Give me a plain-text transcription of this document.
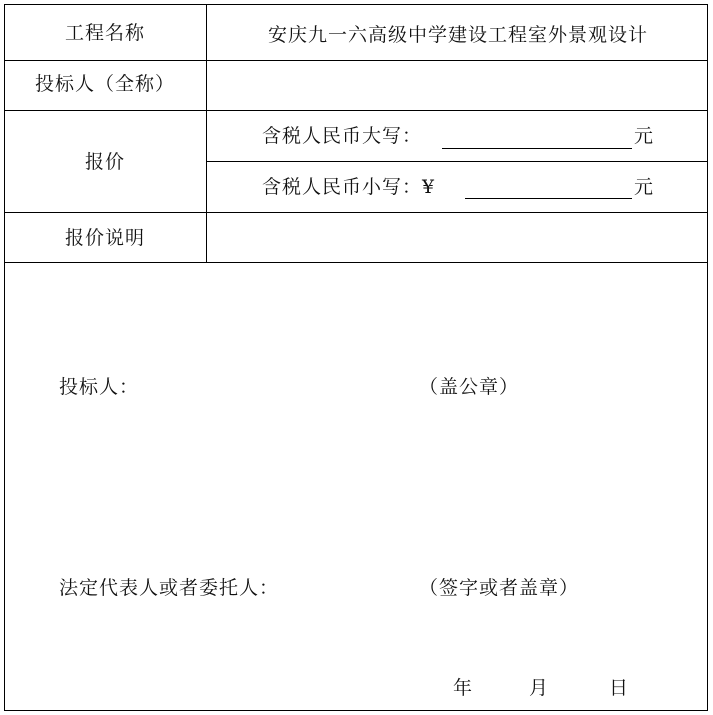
工程名称	安庆九一六高级中学建设工程室外景观设计
投标人（全称）
报价
含税人民币大写：	元
含税人民币小写：¥	元
报价说明
投标人：	（盖公章）
法定代表人或者委托人：	（签字或者盖章）
年	月	日
